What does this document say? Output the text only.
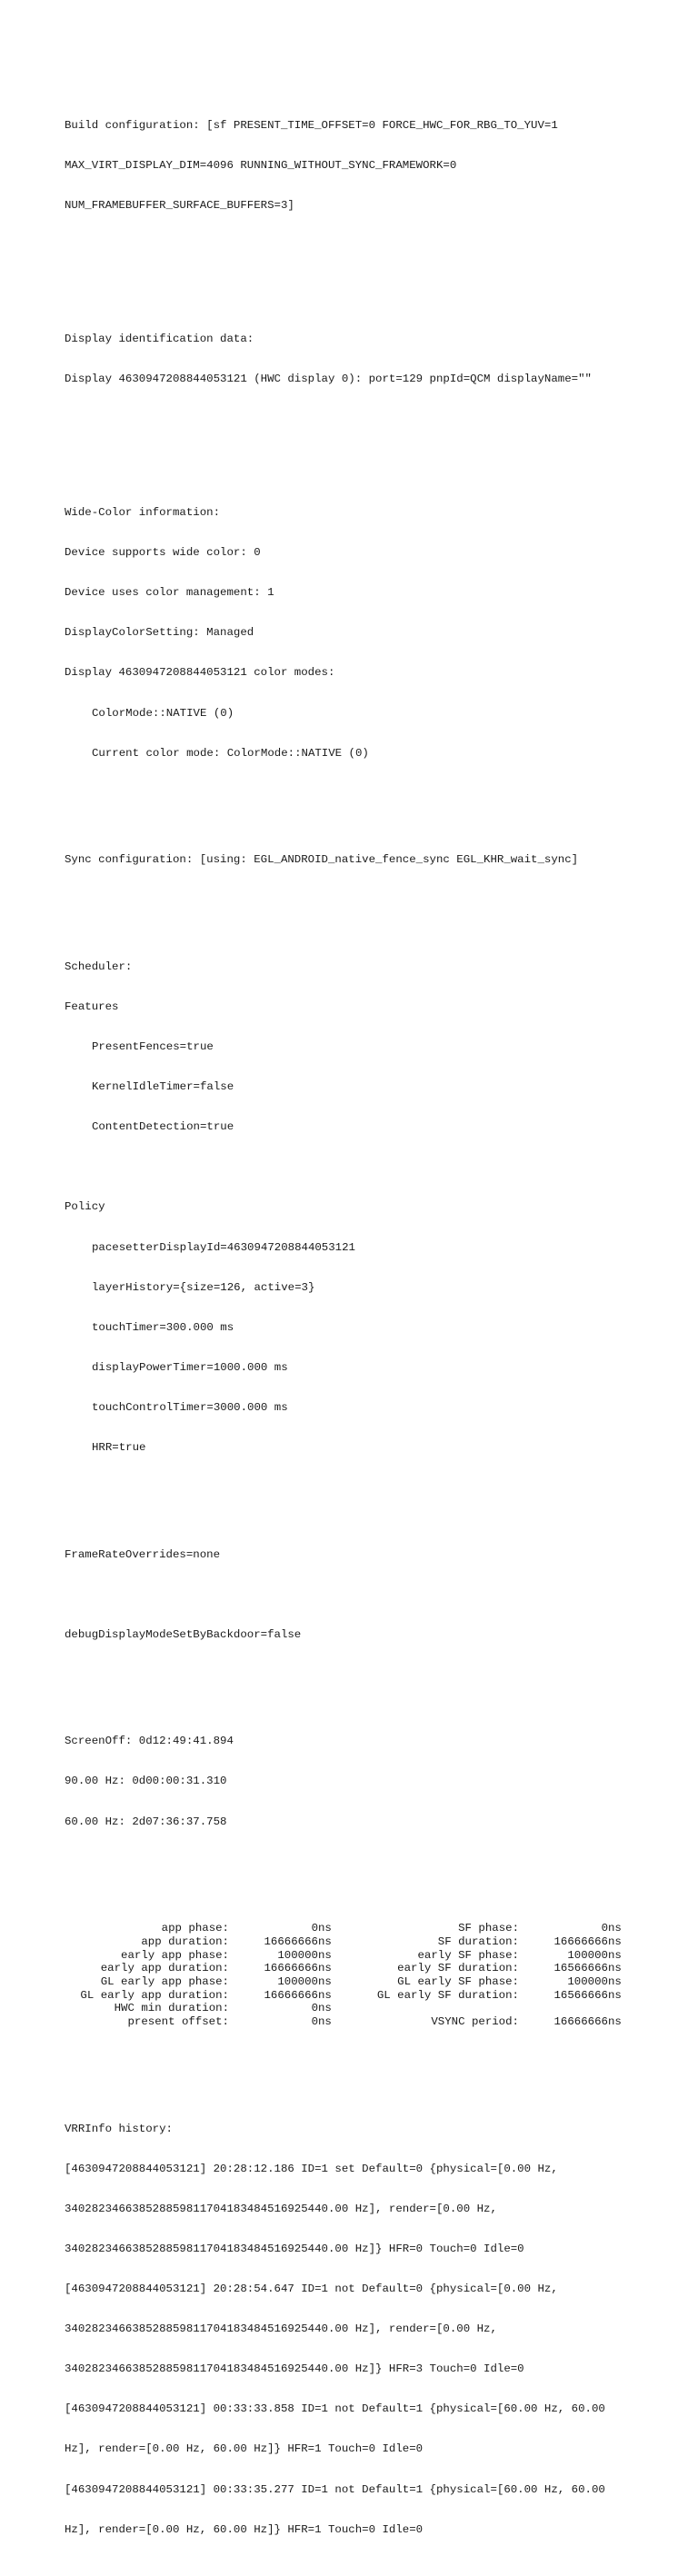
Build configuration: [sf PRESENT_TIME_OFFSET=0 FORCE_HWC_FOR_RBG_TO_YUV=1

MAX_VIRT_DISPLAY_DIM=4096 RUNNING_WITHOUT_SYNC_FRAMEWORK=0

NUM_FRAMEBUFFER_SURFACE_BUFFERS=3]

Display identification data:

Display 4630947208844053121 (HWC display 0): port=129 pnpId=QCM displayName=""

Wide-Color information:

Device supports wide color: 0

Device uses color management: 1

DisplayColorSetting: Managed

Display 4630947208844053121 color modes:

ColorMode::NATIVE (0)

Current color mode: ColorMode::NATIVE (0)

Sync configuration: [using: EGL_ANDROID_native_fence_sync EGL_KHR_wait_sync]

Scheduler:

Features

PresentFences=true

KernelIdleTimer=false

ContentDetection=true

Policy

pacesetterDisplayId=4630947208844053121

layerHistory={size=126, active=3}

touchTimer=300.000 ms

displayPowerTimer=1000.000 ms

touchControlTimer=3000.000 ms

HRR=true

FrameRateOverrides=none

debugDisplayModeSetByBackdoor=false

ScreenOff: 0d12:49:41.894

90.00 Hz: 0d00:00:31.310

60.00 Hz: 2d07:36:37.758

app phase:	0	ns	SF phase:	0	ns
app duration:	16666666	ns	SF duration:	16666666	ns
early app phase:	100000	ns	early SF phase:	100000	ns
early app duration:	16666666	ns	early SF duration:	16566666	ns
GL early app phase:	100000	ns	GL early SF phase:	100000	ns
GL early app duration:	16666666	ns	GL early SF duration:	16566666	ns
HWC min duration:	0	ns			
present offset:	0	ns	VSYNC period:	16666666	ns

VRRInfo history:

[4630947208844053121] 20:28:12.186 ID=1 set Default=0 {physical=[0.00 Hz,

340282346638528859811704183484516925440.00 Hz], render=[0.00 Hz,

340282346638528859811704183484516925440.00 Hz]} HFR=0 Touch=0 Idle=0

[4630947208844053121] 20:28:54.647 ID=1 not Default=0 {physical=[0.00 Hz,

340282346638528859811704183484516925440.00 Hz], render=[0.00 Hz,

340282346638528859811704183484516925440.00 Hz]} HFR=3 Touch=0 Idle=0

[4630947208844053121] 00:33:33.858 ID=1 not Default=1 {physical=[60.00 Hz, 60.00

Hz], render=[0.00 Hz, 60.00 Hz]} HFR=1 Touch=0 Idle=0

[4630947208844053121] 00:33:35.277 ID=1 not Default=1 {physical=[60.00 Hz, 60.00

Hz], render=[0.00 Hz, 60.00 Hz]} HFR=1 Touch=0 Idle=0
